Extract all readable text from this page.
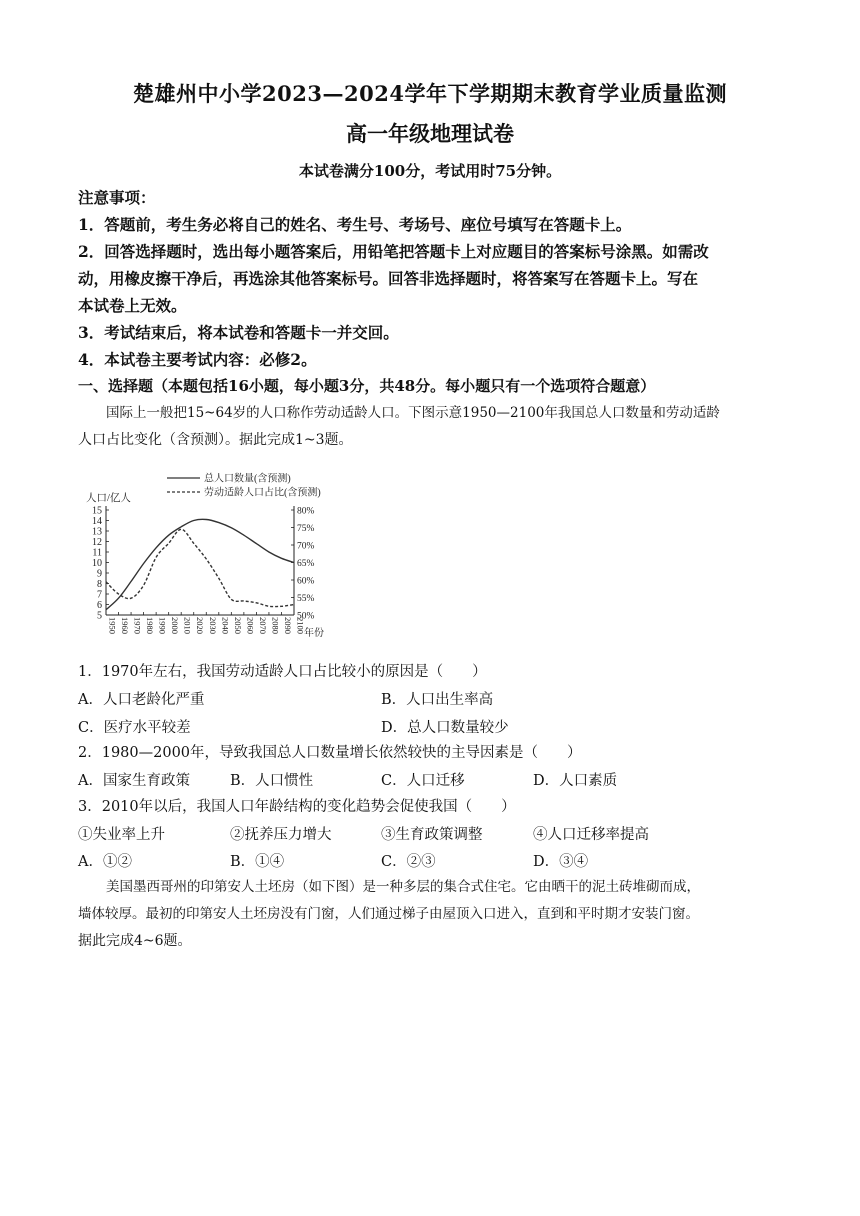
楚雄州中小学2023—2024学年下学期期末教育学业质量监测
高一年级地理试卷
本试卷满分100分，考试用时75分钟。

注意事项：

1．答题前，考生务必将自己的姓名、考生号、考场号、座位号填写在答题卡上。

2．回答选择题时，选出每小题答案后，用铅笔把答题卡上对应题目的答案标号涂黑。如需改

动，用橡皮擦干净后，再选涂其他答案标号。回答非选择题时，将答案写在答题卡上。写在

本试卷上无效。

3．考试结束后，将本试卷和答题卡一并交回。

4．本试卷主要考试内容：必修2。

一、选择题（本题包括16小题，每小题3分，共48分。每小题只有一个选项符合题意）

国际上一般把15~64岁的人口称作劳动适龄人口。下图示意1950—2100年我国总人口数量和劳动适龄

人口占比变化（含预测）。据此完成1~3题。

总人口数量(含预测)
劳动适龄人口占比(含预测)
人口/亿人
年份
5
6
7
8
9
10
11
12
13
14
15
50%
55%
60%
65%
70%
75%
80%
1950 1960 1970 1980 1990 2000 2010 2020 2030 2040 2050 2060 2070 2080 2090 2100
1．1970年左右，我国劳动适龄人口占比较小的原因是（　　）
A．人口老龄化严重	B．人口出生率高
C．医疗水平较差	D．总人口数量较少
2．1980—2000年，导致我国总人口数量增长依然较快的主导因素是（　　）
A．国家生育政策	B．人口惯性	C．人口迁移	D．人口素质
3．2010年以后，我国人口年龄结构的变化趋势会促使我国（　　）
①失业率上升	②抚养压力增大	③生育政策调整	④人口迁移率提高
A．①②	B．①④	C．②③	D．③④

美国墨西哥州的印第安人土坯房（如下图）是一种多层的集合式住宅。它由晒干的泥土砖堆砌而成，

墙体较厚。最初的印第安人土坯房没有门窗，人们通过梯子由屋顶入口进入，直到和平时期才安装门窗。

据此完成4~6题。
